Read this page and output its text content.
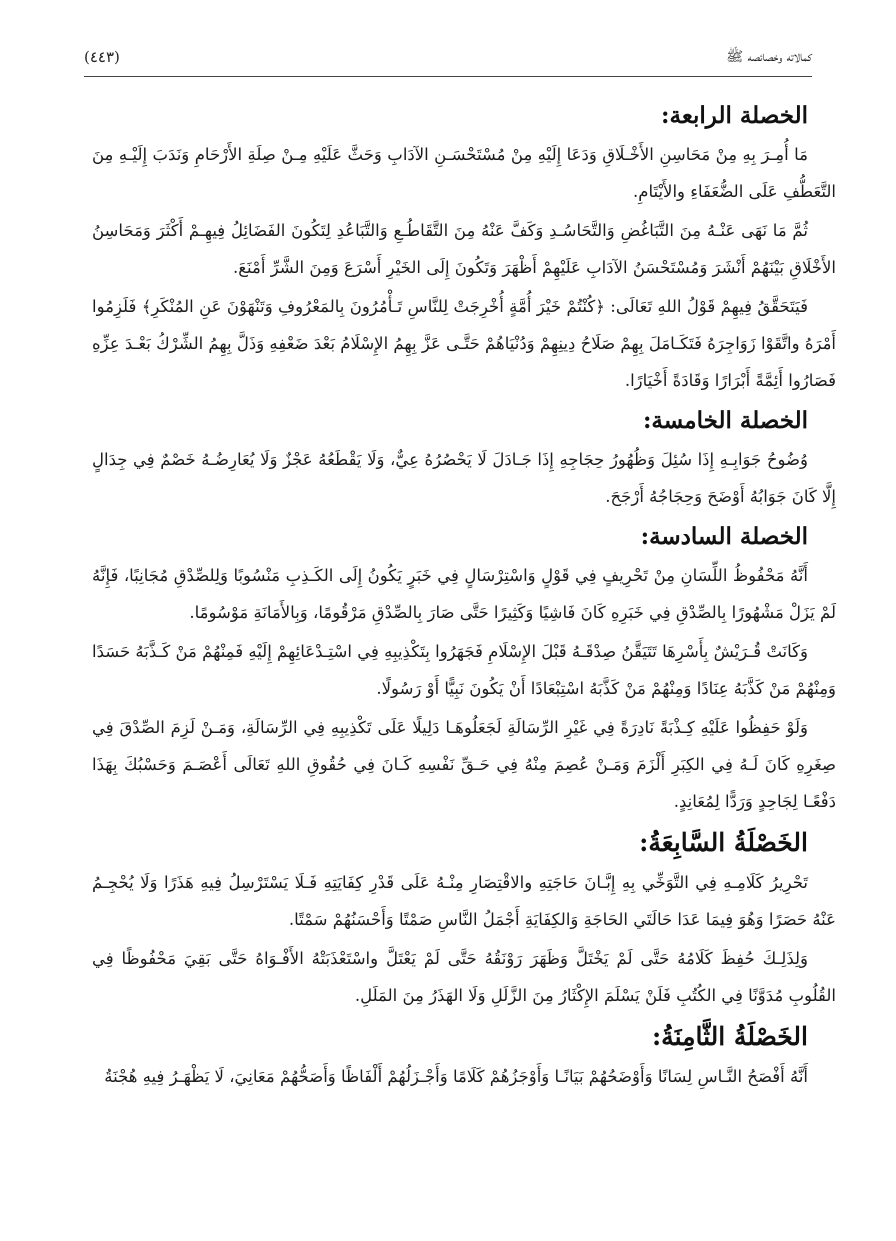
كمالاته وخصائصه ﷺ
(٤٤٣)
الخصلة الرابعة:

مَا أُمِـرَ بِهِ مِنْ مَحَاسِنِ الأَخْـلَاقِ وَدَعَا إِلَيْهِ مِنْ مُسْتَحْسَـنِ الآدَابِ وَحَثَّ عَلَيْهِ مِـنْ صِلَةِ الأَرْحَامِ وَنَدَبَ إِلَيْـهِ مِنَ التَّعَطُّفِ عَلَى الضُّعَفَاءِ والأَيْتَامِ.

ثُمَّ مَا نَهَى عَنْـهُ مِنَ التَّبَاغُضِ وَالتَّحَاسُـدِ وَكَفَّ عَنْهُ مِنَ التَّقَاطُـعِ وَالتَّبَاعُدِ لِتَكُونَ الفَضَائِلُ فِيهِـمْ أَكْثَرَ وَمَحَاسِنُ الأَخْلَاقِ بَيْنَهُمْ أَنْشَرَ وَمُسْتَحْسَنُ الآدَابِ عَلَيْهِمْ أَظْهَرَ وَتَكُونَ إِلَى الخَيْرِ أَسْرَعَ وَمِنَ الشَّرِّ أَمْنَعَ.

فَيَتَحَقَّقُ فِيهِمْ قَوْلُ اللهِ تَعَالَى: ﴿كُنْتُمْ خَيْرَ أُمَّةٍ أُخْرِجَتْ لِلنَّاسِ تَـأْمُرُونَ بِالمَعْرُوفِ وَتَنْهَوْنَ عَنِ المُنْكَرِ﴾ فَلَزِمُوا أَمْرَهُ واتَّقَوْا زَوَاجِرَهُ فَتَكَـامَلَ بِهِمْ صَلَاحُ دِينِهِمْ وَدُنْيَاهُمْ حَتَّـى عَزَّ بِهِمُ الإِسْلَامُ بَعْدَ ضَعْفِهِ وَذَلَّ بِهِمُ الشِّرْكُ بَعْـدَ عِزِّهِ فَصَارُوا أَئِمَّةً أَبْرَارًا وَقَادَةً أَخْيَارًا.

الخصلة الخامسة:

وُضُوحُ جَوَابِـهِ إِذَا سُئِلَ وَظُهُورُ حِجَاجِهِ إِذَا جَـادَلَ لَا يَحْصُرُهُ عِيٌّ، وَلَا يَقْطَعُهُ عَجْزٌ وَلَا يُعَارِضُـهُ خَصْمٌ فِي جِدَالٍ إِلَّا كَانَ جَوَابُهُ أَوْضَحَ وَحِجَاجُهُ أَرْجَحَ.

الخصلة السادسة:

أَنَّهُ مَحْفُوظُ اللِّسَانِ مِنْ تَحْرِيفٍ فِي قَوْلٍ وَاسْتِرْسَالٍ فِي خَبَرٍ يَكُونُ إِلَى الكَـذِبِ مَنْسُوبًا وَلِلصِّدْقِ مُجَانِبًا، فَإِنَّهُ لَمْ يَزَلْ مَشْهُورًا بِالصِّدْقِ فِي خَبَرِهِ كَانَ فَاشِيًا وَكَثِيرًا حَتَّى صَارَ بِالصِّدْقِ مَرْقُومًا، وَبِالأَمَانَةِ مَوْسُومًا.

وَكَانَتْ قُـرَيْشٌ بِأَسْرِهَا تَتَيَقَّنُ صِدْقَـهُ قَبْلَ الإِسْلَامِ فَجَهَرُوا بِتَكْذِيبِهِ فِي اسْتِـدْعَائِهِمْ إِلَيْهِ فَمِنْهُمْ مَنْ كَـذَّبَهُ حَسَدًا وَمِنْهُمْ مَنْ كَذَّبَهُ عِنَادًا وَمِنْهُمْ مَنْ كَذَّبَهُ اسْتِبْعَادًا أَنْ يَكُونَ نَبِيًّا أَوْ رَسُولًا.

وَلَوْ حَفِظُوا عَلَيْهِ كِـذْبَةً نَادِرَةً فِي غَيْرِ الرِّسَالَةِ لَجَعَلُوهَـا دَلِيلًا عَلَى تَكْذِيبِهِ فِي الرِّسَالَةِ، وَمَـنْ لَزِمَ الصِّدْقَ فِي صِغَرِهِ كَانَ لَـهُ فِي الكِبَرِ أَلْزَمَ وَمَـنْ عُصِمَ مِنْهُ فِي حَـقِّ نَفْسِهِ كَـانَ فِي حُقُوقِ اللهِ تَعَالَى أَعْصَـمَ وَحَسْبُكَ بِهَذَا دَفْعًـا لِجَاحِدٍ وَرَدًّا لِمُعَانِدٍ.

الخَصْلَةُ السَّابِعَةُ:

تَحْرِيرُ كَلَامِـهِ فِي التَّوَخِّي بِهِ إِبَّـانَ حَاجَتِهِ والاقْتِصَارِ مِنْـهُ عَلَى قَدْرِ كِفَايَتِهِ فَـلَا يَسْتَرْسِلُ فِيهِ هَذَرًا وَلَا يُحْجِـمُ عَنْهُ حَصَرًا وَهُوَ فِيمَا عَدَا حَالَتَي الحَاجَةِ وَالكِفَايَةِ أَجْمَلُ النَّاسِ صَمْتًا وَأَحْسَنُهُمْ سَمْتًا.

وَلِذَلِـكَ حُفِظَ كَلَامُهُ حَتَّى لَمْ يَخْتَلَّ وَظَهَرَ رَوْنَقُهُ حَتَّى لَمْ يَعْتَلَّ واسْتَعْذَبَتْهُ الأَفْـوَاهُ حَتَّى بَقِيَ مَحْفُوظًا فِي القُلُوبِ مُدَوَّنًا فِي الكُتُبِ فَلَنْ يَسْلَمَ الإِكْثَارُ مِنَ الزَّلَلِ وَلَا الهَذَرُ مِنَ المَلَلِ.

الخَصْلَةُ الثَّامِنَةُ:

أَنَّهُ أَفْصَحُ النَّـاسِ لِسَانًا وَأَوْضَحُهُمْ بَيَانًـا وَأَوْجَزُهُمْ كَلَامًا وَأَجْـزَلُهُمْ أَلْفَاظًا وَأَصَحُّهُمْ مَعَانِيَ، لَا يَظْهَـرُ فِيهِ هُجْنَةُ
